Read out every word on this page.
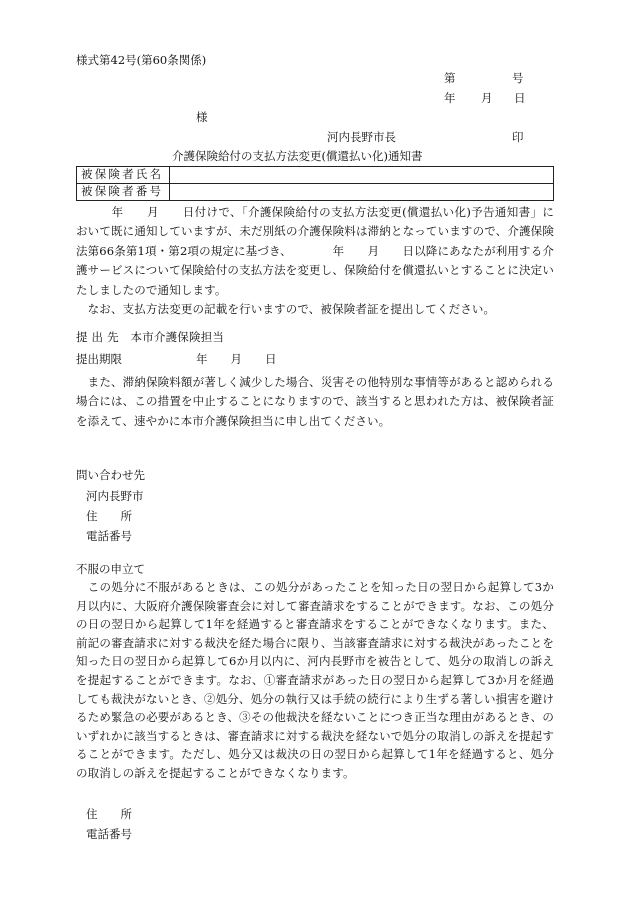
様式第42号(第60条関係)
第	号
年 月 日
様
河内長野市長	印
介護保険給付の支払方法変更(償還払い化)通知書
被保険者氏名	
被保険者番号	

　　　年　　月　　日付けで、「介護保険給付の支払方法変更(償還払い化)予告通知書」において既に通知していますが、未だ別紙の介護保険料は滞納となっていますので、介護保険法第66条第1項・第2項の規定に基づき、　　　　年　　月　　日以降にあなたが利用する介護サービスについて保険給付の支払方法を変更し、保険給付を償還払いとすることに決定いたしましたので通知します。

　なお、支払方法変更の記載を行いますので、被保険者証を提出してください。

提 出 先　本市介護保険担当
提出期限	年　　月　　日

　また、滞納保険料額が著しく減少した場合、災害その他特別な事情等があると認められる場合には、この措置を中止することになりますので、該当すると思われた方は、被保険者証を添えて、速やかに本市介護保険担当に申し出てください。

問い合わせ先
河内長野市
住　　所
電話番号
不服の申立て

　この処分に不服があるときは、この処分があったことを知った日の翌日から起算して3か月以内に、大阪府介護保険審査会に対して審査請求をすることができます。なお、この処分の日の翌日から起算して1年を経過すると審査請求をすることができなくなります。また、前記の審査請求に対する裁決を経た場合に限り、当該審査請求に対する裁決があったことを知った日の翌日から起算して6か月以内に、河内長野市を被告として、処分の取消しの訴えを提起することができます。なお、①審査請求があった日の翌日から起算して3か月を経過しても裁決がないとき、②処分、処分の執行又は手続の続行により生ずる著しい損害を避けるため緊急の必要があるとき、③その他裁決を経ないことにつき正当な理由があるとき、のいずれかに該当するときは、審査請求に対する裁決を経ないで処分の取消しの訴えを提起することができます。ただし、処分又は裁決の日の翌日から起算して1年を経過すると、処分の取消しの訴えを提起することができなくなります。

住　　所
電話番号
